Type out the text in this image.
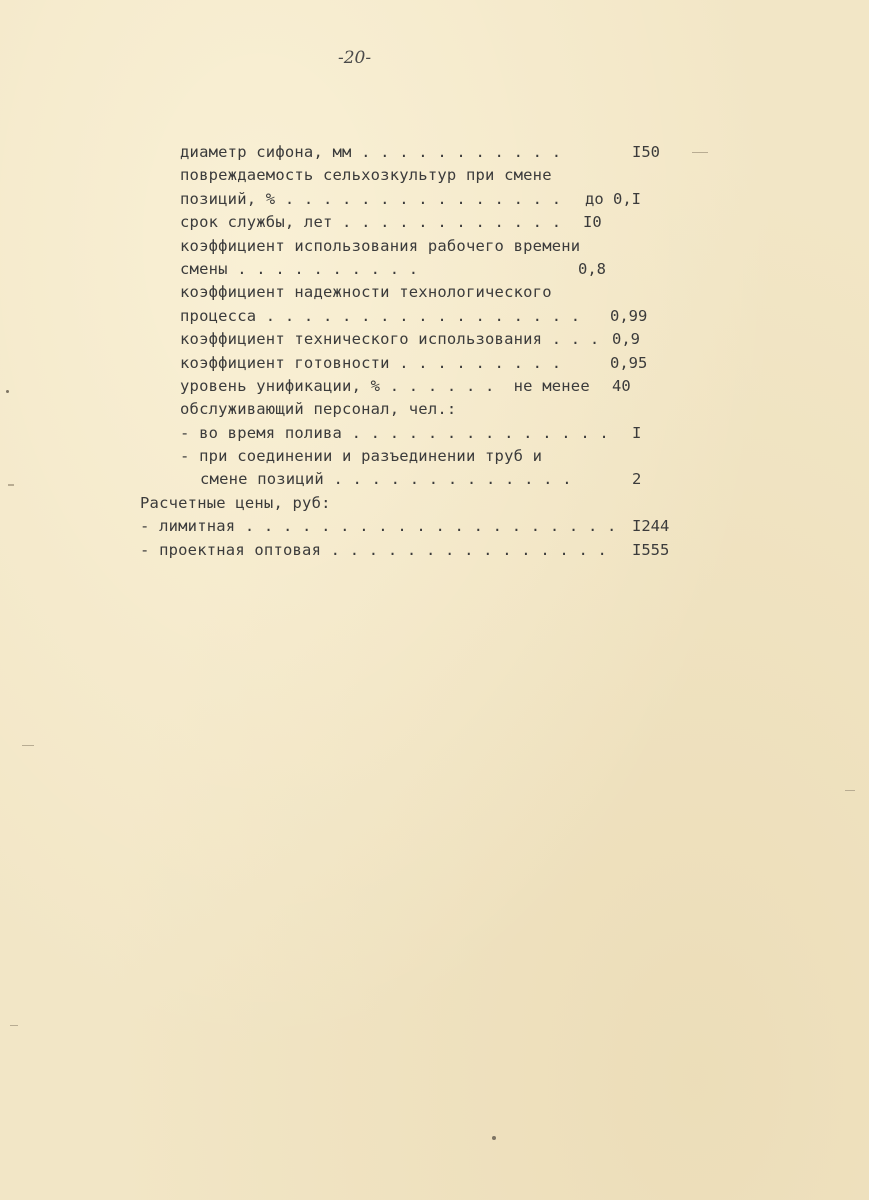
-20-
диаметр сифона, мм . . . . . . . . . . .	I50
повреждаемость сельхозкультур при смене
позиций, % . . . . . . . . . . . . . . . до 0,I
срок службы, лет . . . . . . . . . . . . I0
коэффициент использования рабочего времени
смены . . . . . . . . . .	0,8
коэффициент надежности технологического
процесса . . . . . . . . . . . . . . . . . 0,99
коэффициент технического использования . . . 0,9
коэффициент готовности . . . . . . . . .	0,95
уровень унификации, % . . . . . .  не менее 40
обслуживающий персонал, чел.:
- во время полива . . . . . . . . . . . . . . I
- при соединении и разъединении труб и
смене позиций . . . . . . . . . . . . .	2
Расчетные цены, руб:
- лимитная . . . . . . . . . . . . . . . . . . . . I244
- проектная оптовая . . . . . . . . . . . . . . . I555
